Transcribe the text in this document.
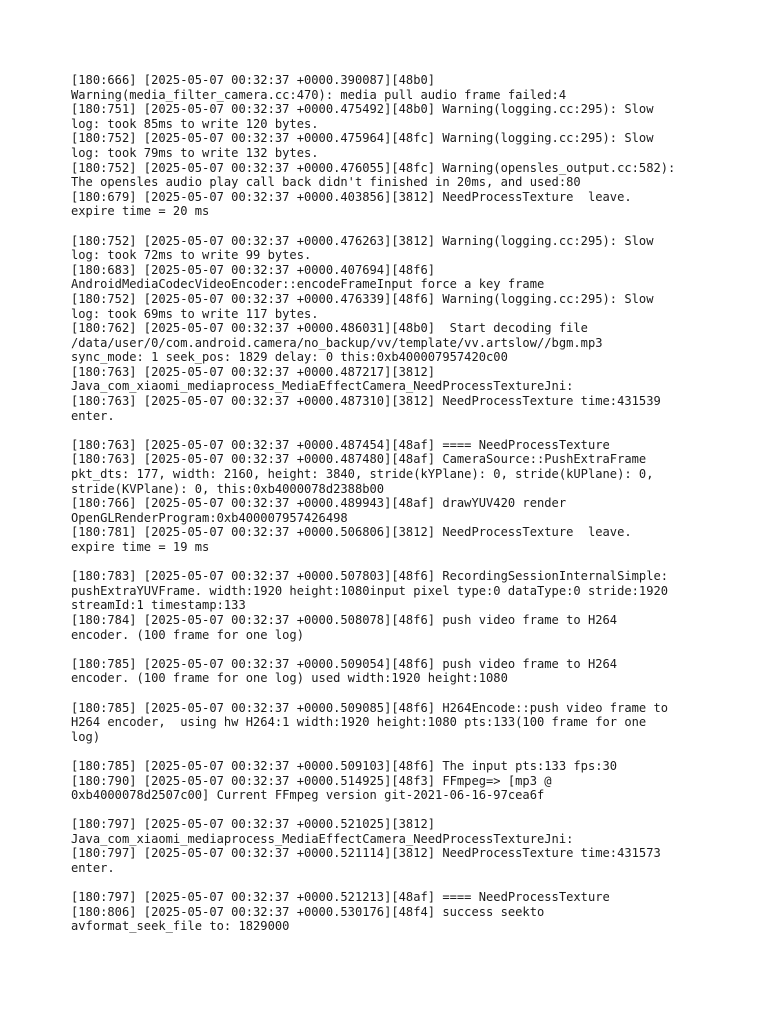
[180:666] [2025-05-07 00:32:37 +0000.390087][48b0]
Warning(media_filter_camera.cc:470): media pull audio frame failed:4
[180:751] [2025-05-07 00:32:37 +0000.475492][48b0] Warning(logging.cc:295): Slow
log: took 85ms to write 120 bytes.
[180:752] [2025-05-07 00:32:37 +0000.475964][48fc] Warning(logging.cc:295): Slow
log: took 79ms to write 132 bytes.
[180:752] [2025-05-07 00:32:37 +0000.476055][48fc] Warning(opensles_output.cc:582):
The opensles audio play call back didn't finished in 20ms, and used:80
[180:679] [2025-05-07 00:32:37 +0000.403856][3812] NeedProcessTexture  leave.
expire time = 20 ms
[180:752] [2025-05-07 00:32:37 +0000.476263][3812] Warning(logging.cc:295): Slow
log: took 72ms to write 99 bytes.
[180:683] [2025-05-07 00:32:37 +0000.407694][48f6]
AndroidMediaCodecVideoEncoder::encodeFrameInput force a key frame
[180:752] [2025-05-07 00:32:37 +0000.476339][48f6] Warning(logging.cc:295): Slow
log: took 69ms to write 117 bytes.
[180:762] [2025-05-07 00:32:37 +0000.486031][48b0]  Start decoding file
/data/user/0/com.android.camera/no_backup/vv/template/vv.artslow//bgm.mp3
sync_mode: 1 seek_pos: 1829 delay: 0 this:0xb400007957420c00
[180:763] [2025-05-07 00:32:37 +0000.487217][3812]
Java_com_xiaomi_mediaprocess_MediaEffectCamera_NeedProcessTextureJni:
[180:763] [2025-05-07 00:32:37 +0000.487310][3812] NeedProcessTexture time:431539
enter.
[180:763] [2025-05-07 00:32:37 +0000.487454][48af] ==== NeedProcessTexture
[180:763] [2025-05-07 00:32:37 +0000.487480][48af] CameraSource::PushExtraFrame
pkt_dts: 177, width: 2160, height: 3840, stride(kYPlane): 0, stride(kUPlane): 0,
stride(KVPlane): 0, this:0xb4000078d2388b00
[180:766] [2025-05-07 00:32:37 +0000.489943][48af] drawYUV420 render
OpenGLRenderProgram:0xb400007957426498
[180:781] [2025-05-07 00:32:37 +0000.506806][3812] NeedProcessTexture  leave.
expire time = 19 ms
[180:783] [2025-05-07 00:32:37 +0000.507803][48f6] RecordingSessionInternalSimple:
pushExtraYUVFrame. width:1920 height:1080input pixel type:0 dataType:0 stride:1920
streamId:1 timestamp:133
[180:784] [2025-05-07 00:32:37 +0000.508078][48f6] push video frame to H264
encoder. (100 frame for one log)
[180:785] [2025-05-07 00:32:37 +0000.509054][48f6] push video frame to H264
encoder. (100 frame for one log) used width:1920 height:1080
[180:785] [2025-05-07 00:32:37 +0000.509085][48f6] H264Encode::push video frame to
H264 encoder,  using hw H264:1 width:1920 height:1080 pts:133(100 frame for one
log)
[180:785] [2025-05-07 00:32:37 +0000.509103][48f6] The input pts:133 fps:30
[180:790] [2025-05-07 00:32:37 +0000.514925][48f3] FFmpeg=> [mp3 @
0xb4000078d2507c00] Current FFmpeg version git-2021-06-16-97cea6f
[180:797] [2025-05-07 00:32:37 +0000.521025][3812]
Java_com_xiaomi_mediaprocess_MediaEffectCamera_NeedProcessTextureJni:
[180:797] [2025-05-07 00:32:37 +0000.521114][3812] NeedProcessTexture time:431573
enter.
[180:797] [2025-05-07 00:32:37 +0000.521213][48af] ==== NeedProcessTexture
[180:806] [2025-05-07 00:32:37 +0000.530176][48f4] success seekto
avformat_seek_file to: 1829000
